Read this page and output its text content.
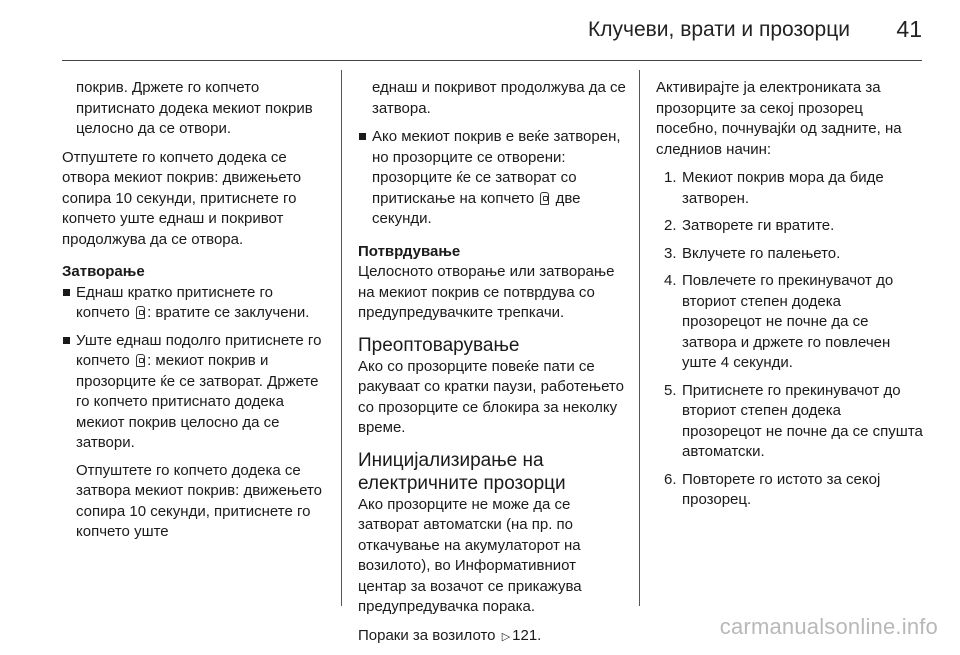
Клучеви, врати и прозорци 41

покрив. Држете го копчето притиснато додека мекиот покрив целосно да се отвори.

Отпуштете го копчето додека се отвора мекиот покрив: движењето сопира 10 секунди, притиснете го копчето уште еднаш и покривот продолжува да се отвора.

Затворање

Еднаш кратко притиснете го копчето : вратите се заклучени.
Уште еднаш подолго притиснете го копчето : мекиот покрив и прозорците ќе се затворат. Држете го копчето притиснато додека мекиот покрив целосно да се затвори.

Отпуштете го копчето додека се затвора мекиот покрив: движењето сопира 10 секунди, притиснете го копчето уште

еднаш и покривот продолжува да се затвора.

Ако мекиот покрив е веќе затворен, но прозорците се отворени: прозорците ќе се затворат со притискање на копчето две секунди.

Потврдување

Целосното отворање или затворање на мекиот покрив се потврдува со предупредувачките трепкачи.

Преоптоварување

Ако со прозорците повеќе пати се ракуваат со кратки паузи, работењето со прозорците се блокира за неколку време.

Иницијализирање на електричните прозорци

Ако прозорците не може да се затворат автоматски (на пр. по откачување на акумулаторот на возилото), во Информативниот центар за возачот се прикажува предупредувачка порака.

Пораки за возилото ▷ 121.

Активирајте ја електрониката за прозорците за секој прозорец посебно, почнувајќи од задните, на следниов начин:

1. Мекиот покрив мора да биде затворен.
2. Затворете ги вратите.
3. Вклучете го палењето.
4. Повлечете го прекинувачот до вториот степен додека прозорецот не почне да се затвора и држете го повлечен уште 4 секунди.
5. Притиснете го прекинувачот до вториот степен додека прозорецот не почне да се спушта автоматски.
6. Повторете го истото за секој прозорец.
carmanualsonline.info
